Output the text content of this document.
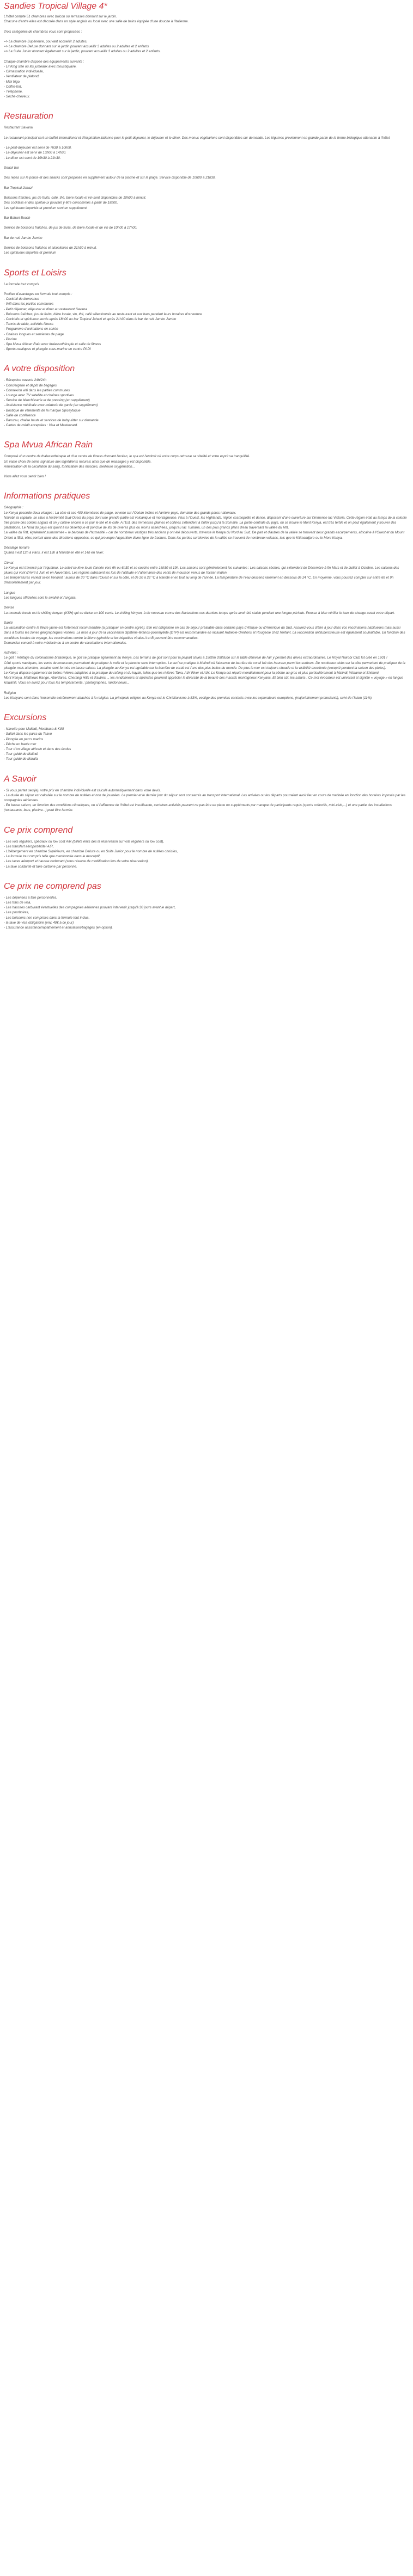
Sandies Tropical Village 4*

L'hôtel compte 51 chambres avec balcon ou terrasses donnant sur le jardin.

Chacune d'entre elles est décorée dans un style anglais ou local avec une salle de bains équipée d'une douche à l'italienne.

Trois catégories de chambres vous sont proposées :

=> La chambre Supérieure, pouvant accueillir 2 adultes,

=> La chambre Deluxe donnant sur le jardin pouvant accueillir 3 adultes ou 2 adultes et 2 enfants

=> La Suite Junior donnant également sur le jardin, pouvant accueillir 3 adultes ou 2 adultes et 2 enfants.

Chaque chambre dispose des équipements suivants :

- Lit King size ou lits jumeaux avec moustiquaire,

- Climatisation individuelle,

- Ventilateur de plafond,

- Mini frigo,

- Coffre-fort,

- Téléphone,

- Sèche-cheveux.

Restauration

Restaurant Savana

Le restaurant principal sert un buffet international et d'inspiration italienne pour le petit déjeuner, le déjeuner et le dîner. Des menus végétariens sont disponibles sur demande. Les légumes proviennent en grande partie de la ferme biologique attenante à l'hôtel.

- Le petit-déjeuner est servi de 7h30 à 10h00.

- Le déjeuner est servi de 13h00 à 14h30.

- Le dîner est servi de 19h30 à 21h30.

Snack bar

Des repas sur le pouce et des snacks sont proposés en supplément autour de la piscine et sur la plage. Service disponible de 10h00 à 21h30.

Bar Tropical Jahazi

Boissons fraîches, jus de fruits, café, thé, bière locale et vin sont disponibles de 10h00 à minuit.

Des cocktails et des spiritueux pouvant y être consommés à partir de 18h00.

Les spiritueux importés et premium sont en supplément.

Bar Bahari Beach

Service de boissons fraîches, de jus de fruits, de bière locale et de vin de 10h00 à 17h00.

Bar de nuit Jambo Jambo

Service de boissons fraîches et alcoolisées de 21h30 à minuit.

Les spiritueux importés et premium

Sports et Loisirs

La formule tout compris

Profitez d'avantages en formule tout compris :

- Cocktail de bienvenue

- Wifi dans les parties communes

- Petit déjeuner, déjeuner et dîner au restaurant Savana

- Boissons fraîches, jus de fruits, bière locale, vin, thé, café sélectionnés au restaurant et aux bars pendant leurs horaires d'ouverture

- Cocktails et spiritueux servis après 18h00 au bar Tropical Jahazi et après 21h30 dans le bar de nuit Jambo Jambo

- Tennis de table, activités fitness

- Programme d'animations en soirée

- Chaises longues et serviettes de plage

- Piscine

- Spa Mvua African Rain avec thalassothérapie et salle de fitness

- Sports nautiques et plongée sous-marine en centre PADI

A votre disposition

- Réception ouverte 24h/24h

- Conciergerie et dépôt de bagages

- Connexion wifi dans les parties communes

- Lounge avec TV satellite et chaînes sportives

- Service de blanchisserie et de pressing (en supplément)

- Assistance médicale avec médecin de garde (en supplément)

- Boutique de vêtements de la marque Spiceytuque

- Salle de conférence

- Baruzau, chaise haute et services de baby-sitter sur demande

- Cartes de crédit acceptées : Visa et Mastercard.

Spa Mvua African Rain

Composé d'un centre de thalassothérapie et d'un centre de fitness donnant l'océan, le spa est l'endroit où votre corps retrouve sa vitalité et votre esprit sa tranquillité.

Un vaste choix de soins signature aux ingrédients naturels ainsi que de massages y est disponible.

Amélioration de la circulation du sang, tonification des muscles, meilleure oxygénation...

Vous allez vous sentir bien !

Informations pratiques

Géographie :

Le Kenya possède deux visages : La côte et ses 400 kilomètres de plage, ouverte sur l'Océan Indien et l'arrière-pays, domaine des grands parcs nationaux.

Nairobi, la capitale, se situe à l'extrémité Sud-Ouest du pays dont une grande partie est volcanique et montagneuse. Plus à l'Ouest, les Highlands, région cosmopolite et dense, disposent d'une ouverture sur l'immense lac Victoria. Cette région était au temps de la colonie très prisée des colons anglais et on y cultive encore à ce jour le thé et le café. A l'Est, des immenses plaines et collines s'étendent à l'infini jusqu'à la Somalie. La partie centrale du pays, où se trouve le Mont Kenya, est très fertile et on peut également y trouver des plantations. Le Nord du pays est quant à lui désertique et ponctué de lits de rivières plus ou moins asséchées, jusqu'au lac Turkana, un des plus grands plans d'eau traversant la vallée du Rift.

La vallée du Rift, également surnommée « le berceau de l'humanité » car de nombreux vestiges très anciens y ont été découverts, traverse le Kenya du Nord au Sud. De part et d'autres de la vallée se trouvent deux grands escarpements, africaine à l'Ouest et du Mount Orient à l'Est, elles portent dans des directions opposées, ce qui provoque l'apparition d'une ligne de fracture. Dans les parties surélevées de la vallée se trouvent de nombreux volcans, tels que le Kilimandjaro ou le Mont Kenya.

Décalage horaire

Quand il est 12h à Paris, il est 13h à Nairobi en été et 14h en hiver.

Climat

Le Kenya est traversé par l'équateur. Le soleil se lève toute l'année vers 6h ou 6h30 et se couche entre 18h30 et 19h. Les saisons sont généralement les suivantes : Les saisons sèches, qui s'étendent de Décembre à fin Mars et de Juillet à Octobre. Les saisons des pluies qui vont d'Avril à Juin et en Novembre. Les régions subissent les lois de l'altitude et l'alternance des vents de mousson venus de l'océan Indien.

Les températures varient selon l'endroit : autour de 30 °C dans l'Ouest et sur la côte, et de 20 à 22 °C à Nairobi et en tout au long de l'année. La température de l'eau descend rarement en dessous de 24 °C. En moyenne, vous pourrez compter sur entre 6h et 9h d'ensoleillement par jour.

Langue

Les langues officielles sont le swahili et l'anglais.

Devise

La monnaie locale est le shilling kenyan (KSH) qui se divise en 100 cents. Le shilling kényan, à de nouveau connu des fluctuations ces derniers temps après avoir été stable pendant une longue période. Pensez à bien vérifier le taux de change avant votre départ.

Santé

La vaccination contre la fièvre jaune est fortement recommandée (à pratiquer en centre agréé). Elle est obligatoire en cas de séjour préalable dans certains pays d'Afrique ou d'Amérique du Sud. Assurez-vous d'être à jour dans vos vaccinations habituelles mais aussi dans à toutes les zones géographiques visitées. La mise à jour de la vaccination diphtérie-tétanos-poliomyélite (DTP) est recommandée en incluant Rubéole-Oreillons et Rougeole chez l'enfant. La vaccination antituberculeuse est également souhaitable. En fonction des conditions locales de voyage, les vaccinations contre la fièvre typhoïde et les hépatites virales A et B peuvent être recommandées.

Demandez conseil à votre médecin ou à un centre de vaccinations internationales.

Activités :

Le golf : Héritage du colonialisme britannique, le golf se pratique également au Kenya. Les terrains de golf sont pour la plupart situés à 1500m d'altitude sur la table dénivelé de l'air y permet des drives extraordinaires. Le Royal Nairobi Club fut créé en 1901 !

Côté sports nautiques, les vents de moussons permettent de pratiquer la voile et la planche sans interruption. Le surf se pratique à Malindi où l'absence de barrière de corail fait des heureux parmi les surfeurs. De nombreux clubs sur la côte permettent de pratiquer de la plongée mais attention, certains sont fermés en basse saison. La plongée au Kenya est agréable car la barrière de corail est l'une des plus belles du monde. De plus la mer est toujours chaude et la visibilité excellente (excepté pendant la saison des pluies).

Le Kenya dispose également de belles rivières adaptées à la pratique du rafting et du kayak, telles que les rivières Tana, Athi River et Athi. Le Kenya est réputé mondialement pour la pêche au gros et plus particulièrement à Malindi, Watamu et Shimoni.

Mont Kenya, Matthews Range, Aberdares, Cherangi Hills et d'autres..., les randonneurs et alpinistes pourront apprécier la diversité de la beauté des massifs montagneux Kenyans. Et bien sûr, les safaris : Ce mot évocateur est universel et signifie « voyage » en langue kiswahili. Vous en aurez pour tous les tempéraments : photographes, randonneurs...

Religion

Les Kenyans sont dans l'ensemble extrêmement attachés à la religion. La principale religion au Kenya est le Christianisme à 83%, vestige des premiers contacts avec les explorateurs européens, (majoritairement protestants), suivi de l'Islam (11%).

Excursions

- Navette pour Malindi, Mombasa & Kilifi

- Safari dans les parcs du Tsavo

- Plongée en parcs marins

- Pêche en haute mer

- Tour d'un village africain et dans des écoles

- Tour guidé de Malindi

- Tour guidé de Marafa

A Savoir

- Si vous partez seul(e), votre prix en chambre individuelle est calculé automatiquement dans votre devis.

- La durée du séjour est calculée sur le nombre de nuitées et non de journées. Le premier et le dernier jour du séjour sont consacrés au transport international. Les arrivées ou les départs pourraient avoir lieu en cours de matinée en fonction des horaires imposés par les compagnies aériennes.

- En basse saison, en fonction des conditions climatiques, ou si l'affluence de l'hôtel est insuffisante, certaines activités peuvent ne pas être en place ou suppléments par manque de participants requis (sports collectifs, mini-club,...) et une partie des installations (restaurants, bars, piscine...) peut être fermée.

Ce prix comprend

- Les vols réguliers, spéciaux ou low cost A/R (billets émis dès la réservation sur vols réguliers ou low cost),

- Les transfert aéroport/hôtel A/R,

- L'hébergement en chambre Supérieure, en chambre Deluxe ou en Suite Junior pour le nombre de nuitées choisies,

- La formule tout compris telle que mentionnée dans le descriptif,

- Les taxes aéroport et hausse carburant (sous réserve de modification lors de votre réservation),

- La taxe solidarité et taxe carbone par personne.

Ce prix ne comprend pas

- Les dépenses à titre personnelles,

- Les frais de visa,

- Les hausses carburant éventuelles des compagnies aériennes pouvant intervenir jusqu'à 30 jours avant le départ,

- Les pourboires,

- Les boissons non comprises dans la formule tout inclus,

- la taxe de visa obligatoire (env. 40€ à ce jour)

- L'assurance assistance/rapatriement et annulation/bagages (en option).
